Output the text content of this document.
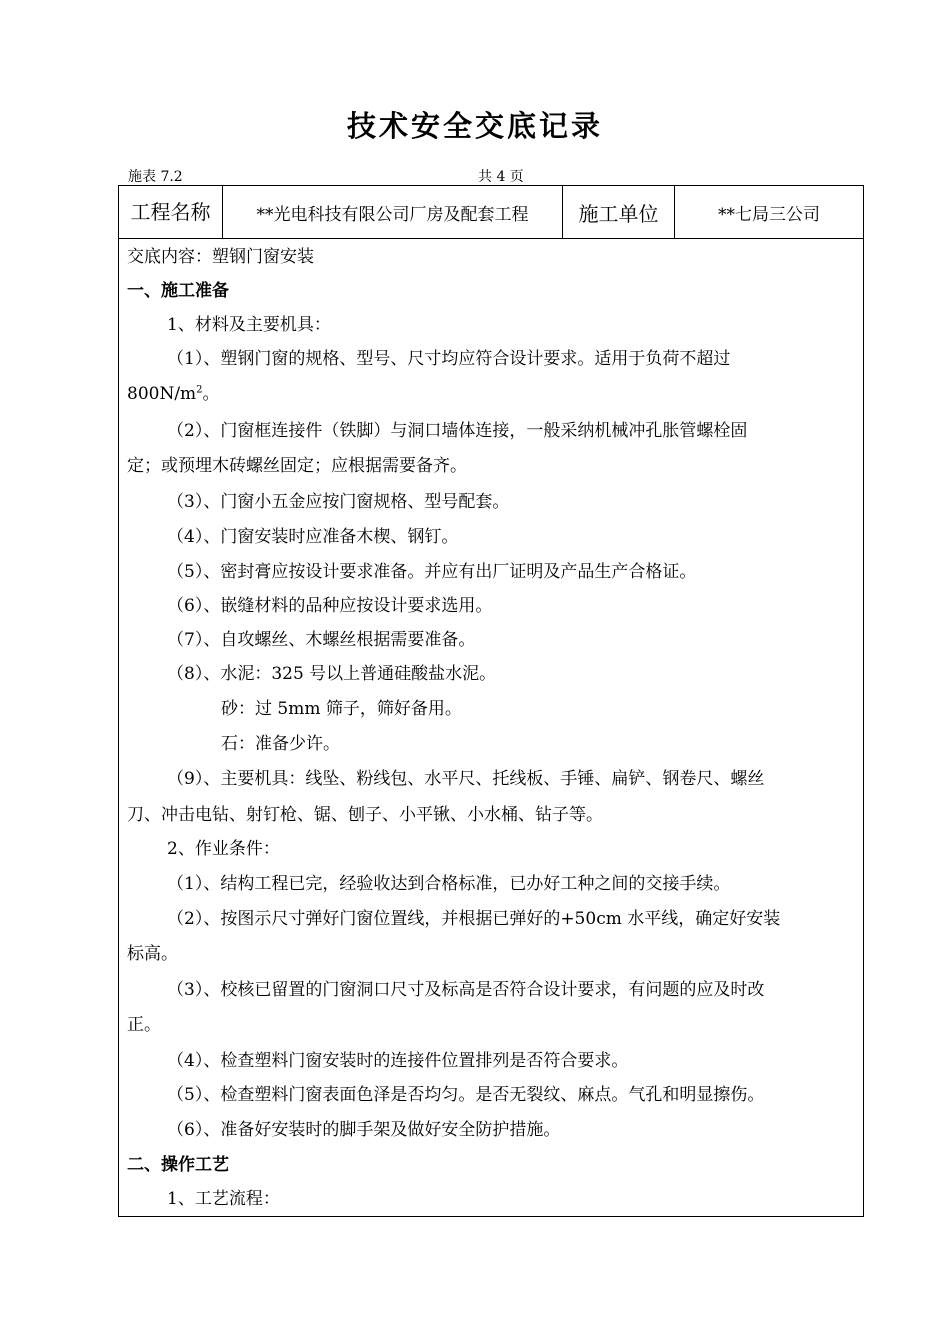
技术安全交底记录
施表 7.2	共 4 页
工程名称	**光电科技有限公司厂房及配套工程	施工单位	**七局三公司
交底内容：塑钢门窗安装
一、施工准备
1、材料及主要机具：
（1）、塑钢门窗的规格、型号、尺寸均应符合设计要求。适用于负荷不超过
$800N/m^2$。
（2）、门窗框连接件（铁脚）与洞口墙体连接，一般采纳机械冲孔胀管螺栓固
定；或预埋木砖螺丝固定；应根据需要备齐。
（3）、门窗小五金应按门窗规格、型号配套。
（4）、门窗安装时应准备木楔、钢钉。
（5）、密封膏应按设计要求准备。并应有出厂证明及产品生产合格证。
（6）、嵌缝材料的品种应按设计要求选用。
（7）、自攻螺丝、木螺丝根据需要准备。
（8）、水泥：325 号以上普通硅酸盐水泥。
砂：过 5mm 筛子，筛好备用。
石：准备少许。
（9）、主要机具：线坠、粉线包、水平尺、托线板、手锤、扁铲、钢卷尺、螺丝
刀、冲击电钻、射钉枪、锯、刨子、小平锹、小水桶、钻子等。
2、作业条件：
（1）、结构工程已完，经验收达到合格标准，已办好工种之间的交接手续。
（2）、按图示尺寸弹好门窗位置线，并根据已弹好的+50cm 水平线，确定好安装
标高。
（3）、校核已留置的门窗洞口尺寸及标高是否符合设计要求，有问题的应及时改
正。
（4）、检查塑料门窗安装时的连接件位置排列是否符合要求。
（5）、检查塑料门窗表面色泽是否均匀。是否无裂纹、麻点。气孔和明显擦伤。
（6）、准备好安装时的脚手架及做好安全防护措施。
二、操作工艺
1、工艺流程：
